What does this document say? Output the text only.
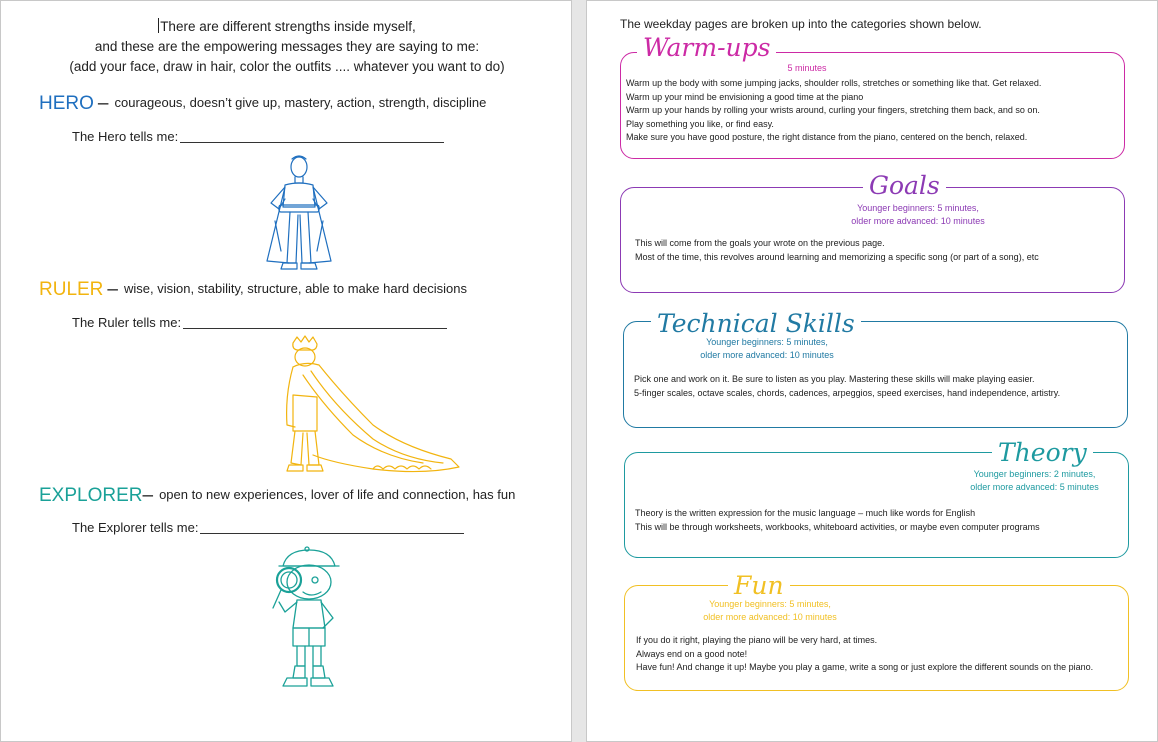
There are different strengths inside myself,
and these are the empowering messages they are saying to me:
(add your face, draw in hair, color the outfits .... whatever you want to do)
HERO – courageous, doesn’t give up, mastery, action, strength, discipline
The Hero tells me:
RULER – wise, vision, stability, structure, able to make hard decisions
The Ruler tells me:
EXPLORER– open to new experiences, lover of life and connection, has fun
The Explorer tells me:
The weekday pages are broken up into the categories shown below.
Warm-ups
5 minutes
Warm up the body with some jumping jacks, shoulder rolls, stretches or something like that. Get relaxed.
Warm up your mind be envisioning a good time at the piano
Warm up your hands by rolling your wrists around, curling your fingers, stretching them back, and so on.
Play something you like, or find easy.
Make sure you have good posture, the right distance from the piano, centered on the bench, relaxed.
Goals
Younger beginners: 5 minutes,
older more advanced: 10 minutes
This will come from the goals your wrote on the previous page.
Most of the time, this revolves around learning and memorizing a specific song (or part of a song), etc
Technical Skills
Younger beginners: 5 minutes,
older more advanced: 10 minutes
Pick one and work on it. Be sure to listen as you play. Mastering these skills will make playing easier.
5-finger scales, octave scales, chords, cadences, arpeggios, speed exercises, hand independence, artistry.
Theory
Younger beginners: 2 minutes,
older more advanced: 5 minutes
Theory is the written expression for the music language – much like words for English
This will be through worksheets, workbooks, whiteboard activities, or maybe even computer programs
Fun
Younger beginners: 5 minutes,
older more advanced: 10 minutes
If you do it right, playing the piano will be very hard, at times.
Always end on a good note!
Have fun! And change it up! Maybe you play a game, write a song or just explore the different sounds on the piano.
